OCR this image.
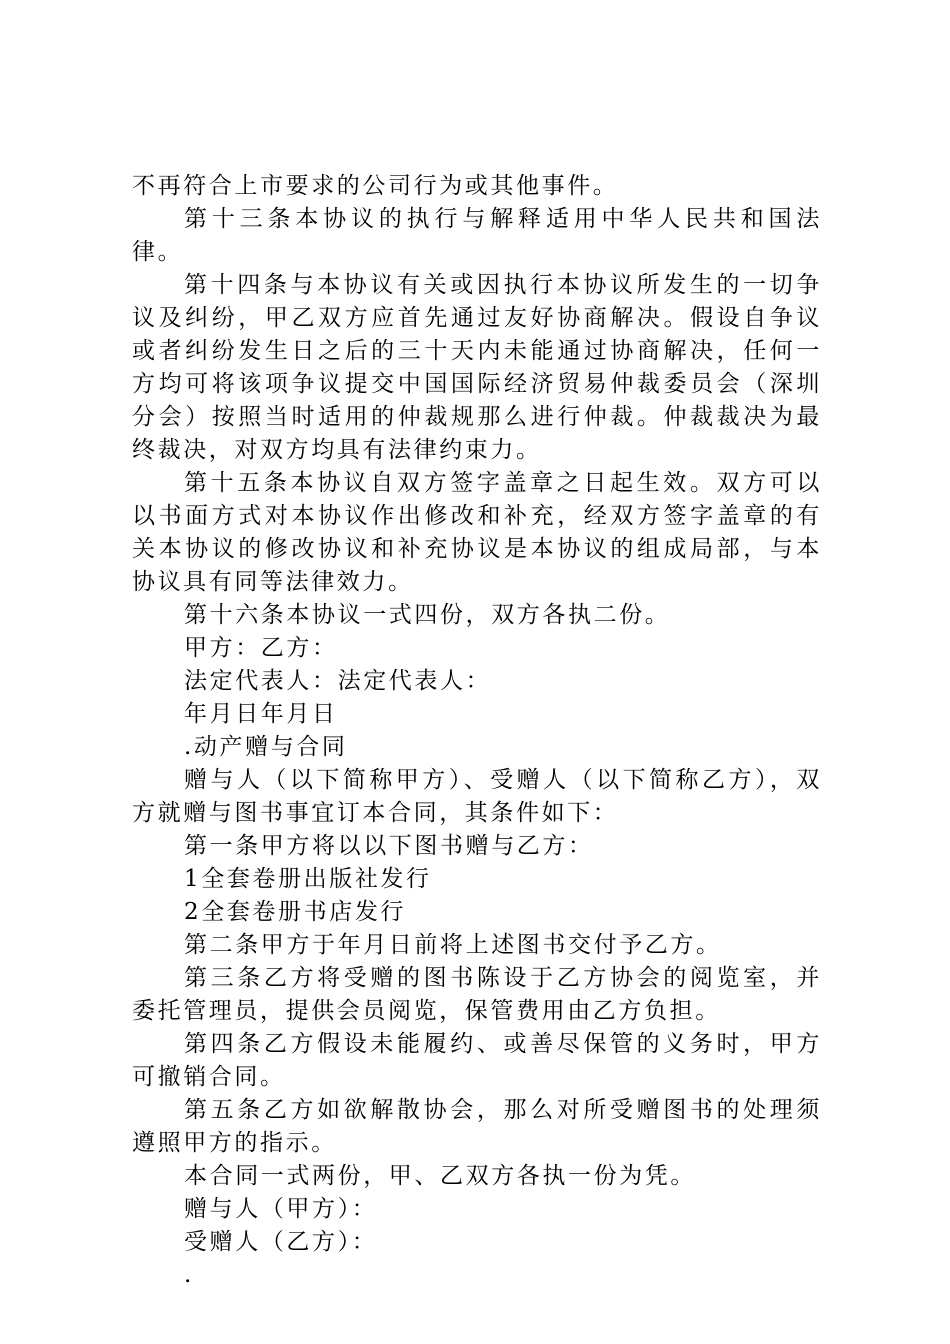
不再符合上市要求的公司行为或其他事件。

第十三条本协议的执行与解释适用中华人民共和国法律。

第十四条与本协议有关或因执行本协议所发生的一切争议及纠纷，甲乙双方应首先通过友好协商解决。假设自争议或者纠纷发生日之后的三十天内未能通过协商解决，任何一方均可将该项争议提交中国国际经济贸易仲裁委员会（深圳分会）按照当时适用的仲裁规那么进行仲裁。仲裁裁决为最终裁决，对双方均具有法律约束力。

第十五条本协议自双方签字盖章之日起生效。双方可以以书面方式对本协议作出修改和补充，经双方签字盖章的有关本协议的修改协议和补充协议是本协议的组成局部，与本协议具有同等法律效力。

第十六条本协议一式四份，双方各执二份。

甲方：乙方：

法定代表人：法定代表人：

年月日年月日

.动产赠与合同

赠与人（以下简称甲方）、受赠人（以下简称乙方），双方就赠与图书事宜订本合同，其条件如下：

第一条甲方将以以下图书赠与乙方：

1全套卷册出版社发行

2全套卷册书店发行

第二条甲方于年月日前将上述图书交付予乙方。

第三条乙方将受赠的图书陈设于乙方协会的阅览室，并委托管理员，提供会员阅览，保管费用由乙方负担。

第四条乙方假设未能履约、或善尽保管的义务时，甲方可撤销合同。

第五条乙方如欲解散协会，那么对所受赠图书的处理须遵照甲方的指示。

本合同一式两份，甲、乙双方各执一份为凭。

赠与人（甲方）：

受赠人（乙方）：

.
